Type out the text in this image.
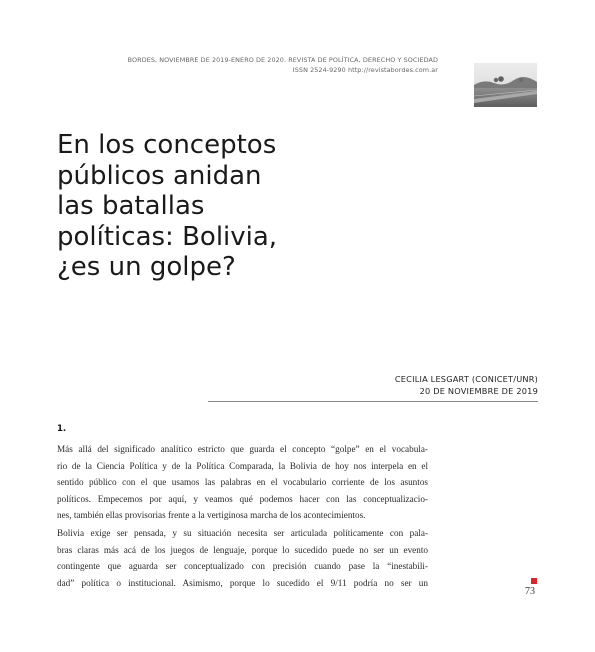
BORDES, NOVIEMBRE DE 2019-ENERO DE 2020. REVISTA DE POLÍTICA, DERECHO Y SOCIEDAD
ISSN 2524-9290 http://revistabordes.com.ar
En los conceptos
públicos anidan
las batallas
políticas: Bolivia,
¿es un golpe?
CECILIA LESGART (CONICET/UNR)
20 DE NOVIEMBRE DE 2019
1.
Más allá del significado analítico estricto que guarda el concepto “golpe” en el vocabula-
rio de la Ciencia Política y de la Política Comparada, la Bolivia de hoy nos interpela en el
sentido público con el que usamos las palabras en el vocabulario corriente de los asuntos
políticos. Empecemos por aquí, y veamos qué podemos hacer con las conceptualizacio-
nes, también ellas provisorias frente a la vertiginosa marcha de los acontecimientos.
Bolivia exige ser pensada, y su situación necesita ser articulada políticamente con pala-
bras claras más acá de los juegos de lenguaje, porque lo sucedido puede no ser un evento
contingente que aguarda ser conceptualizado con precisión cuando pase la “inestabili-
dad” política o institucional. Asimismo, porque lo sucedido el 9/11 podría no ser un
73
